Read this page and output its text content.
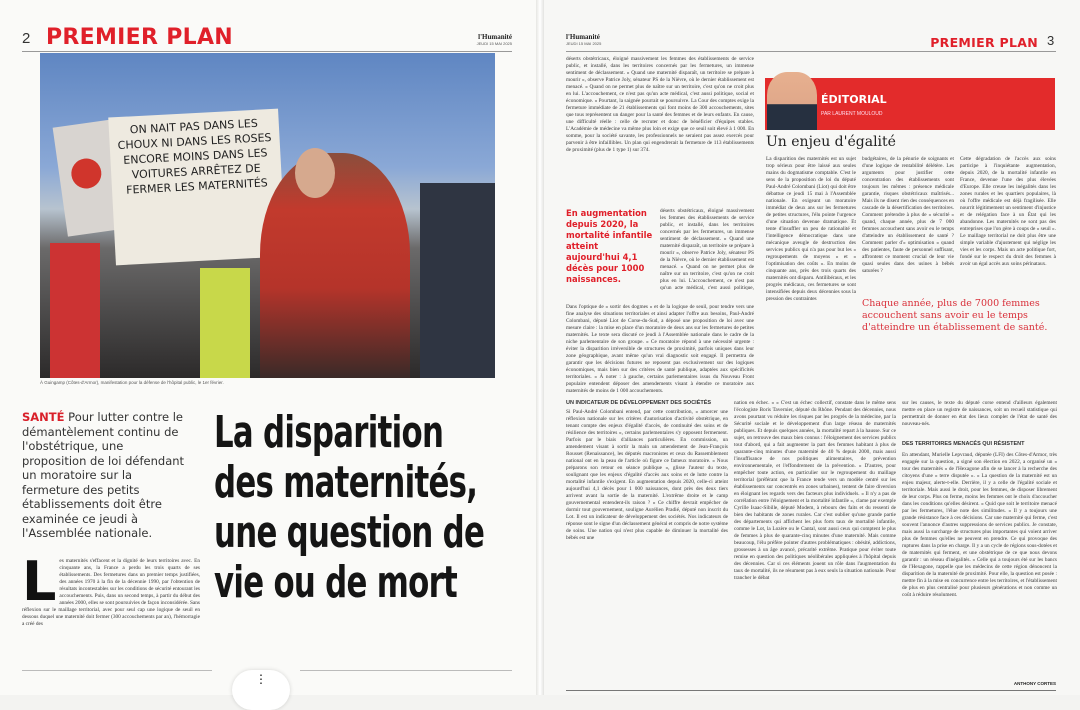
2 PREMIER PLAN	l'Humanité
JEUDI 15 MAI 2025
ON NAIT PAS DANS LES CHOUX NI DANS LES ROSES ENCORE MOINS DANS LES VOITURES ARRÊTEZ DE FERMER LES MATERNITÉS
À Guingamp (Côtes-d'Armor), manifestation pour la défense de l'hôpital public, le 1er février.
SANTÉ Pour lutter contre le démantèlement continu de l'obstétrique, une proposition de loi défendant un moratoire sur la fermeture des petits établissements doit être examinée ce jeudi à l'Assemblée nationale.
La disparition des maternités, une question de vie ou de mort
Les maternités s'effacent et la dignité de leurs territoires avec. En cinquante ans, la France a perdu les trois quarts de ses établissements. Des fermetures dans un premier temps justifiées, des années 1970 à la fin de la décennie 1990, par l'obtention de résultats incontestables sur les conditions de sécurité entourant les accouchements. Puis, dans un second temps, à partir du début des années 2000, elles se sont poursuivies de façon inconsidérée. Sans réflexion sur le maillage territorial, avec pour seul cap une logique de seuil en dessous duquel une maternité doit fermer (300 accouchements par an), l'hémorragie a créé des
l'Humanité
JEUDI 15 MAI 2025	PREMIER PLAN 3
déserts obstétricaux, éloigné massivement les femmes des établissements de service public, et installé, dans les territoires concernés par les fermetures, un immense sentiment de déclassement. « Quand une maternité disparaît, un territoire se prépare à mourir », observe Patrice Joly, sénateur PS de la Nièvre, où le dernier établissement est menacé. « Quand on ne permet plus de naître sur un territoire, c'est qu'on ne croit plus en lui. L'accouchement, ce n'est pas qu'un acte médical, c'est aussi politique, social et économique. » Pourtant, la saignée pourrait se poursuivre. La Cour des comptes exige la fermeture immédiate de 21 établissements qui font moins de 300 accouchements, sites que tous représentent un danger pour la santé des femmes et de leurs enfants. En cause, une difficulté réelle : celle de recruter et donc de bénéficier d'équipes stables. L'Académie de médecine va même plus loin et exige que ce seuil soit élevé à 1 000. En somme, pour la société savante, les professionnels ne seraient pas assez exercés pour parvenir à être infaillibles. Un plan qui engendrerait la fermeture de 113 établissements de proximité (plus de 1 type 1) sur 374.
En augmentation depuis 2020, la mortalité infantile atteint aujourd'hui 4,1 décès pour 1000 naissances.
déserts obstétricaux, éloigné massivement les femmes des établissements de service public, et installé, dans les territoires concernés par les fermetures, un immense sentiment de déclassement. « Quand une maternité disparaît, un territoire se prépare à mourir », observe Patrice Joly, sénateur PS de la Nièvre, où le dernier établissement est menacé. « Quand on ne permet plus de naître sur un territoire, c'est qu'on ne croit plus en lui. L'accouchement, ce n'est pas qu'un acte médical, c'est aussi politique,
Dans l'optique de « sortir des dogmes » et de la logique de seuil, pour tendre vers une fine analyse des situations territoriales et ainsi adapter l'offre aux besoins, Paul-André Colombani, député Liot de Corse-du-Sud, a déposé une proposition de loi avec une mesure claire : la mise en place d'un moratoire de deux ans sur les fermetures de petites maternités. Le texte sera discuté ce jeudi à l'Assemblée nationale dans le cadre de la niche parlementaire de son groupe. « Ce moratoire répond à une nécessité urgente : éviter la disparition irréversible de structures de proximité, parfois uniques dans leur zone géographique, avant même qu'un vrai diagnostic soit engagé. Il permettra de garantir que les décisions futures ne reposent pas exclusivement sur des logiques économiques, mais bien sur des critères de santé publique, adaptées aux spécificités territoriales. » À noter : à gauche, certains parlementaires issus du Nouveau Front populaire entendent déposer des amendements visant à étendre ce moratoire aux maternités de moins de 1 000 accouchements.
UN INDICATEUR DE DÉVELOPPEMENT DES SOCIÉTÉS
Si Paul-André Colombani entend, par cette contribution, « amorcer une réflexion nationale sur les critères d'autorisation d'activité obstétrique, en tenant compte des enjeux d'égalité d'accès, de continuité des soins et de résilience des territoires », certains parlementaires s'y opposent fermement. Parfois par le biais d'alliances particulières. En commission, un amendement visant à sortir la main un amendement de Jean-François Rousset (Renaissance), les députés macronistes et ceux du Rassemblement national ont en la peau de l'article où figure ce fameux moratoire. « Nous préparons son retour en séance publique », glisse l'auteur du texte, soulignant que les enjeux d'égalité d'accès aux soins et de lutte contre la mortalité infantile s'exigent. En augmentation depuis 2020, celle-ci atteint aujourd'hui 4,1 décès pour 1 000 naissances, dont près des deux tiers arrivent avant la sortie de la maternité. L'extrême droite et le camp gouvernemental entendent-ils raison ? « Ce chiffre devrait empêcher de dormir tout gouvernement, souligne Aurélien Pradié, député non inscrit du Lot. Il est un indicateur de développement des sociétés. Nos indicateurs de réponse sont le signe d'un déclassement général et compris de notre système de soins. Une nation qui n'est plus capable de diminuer la mortalité des bébés est une
nation en échec. » « C'est un échec collectif, constate dans le même sens l'écologiste Boris Tavernier, député du Rhône. Pendant des décennies, nous avons pourtant vu réduire les risques par les progrès de la médecine, par la Sécurité sociale et le développement d'un large réseau de maternités publiques. Et depuis quelques années, la mortalité repart à la hausse. Sur ce sujet, on retrouve des maux bien connus : l'éloignement des services publics tout d'abord, qui a fait augmenter la part des femmes habitant à plus de quarante-cinq minutes d'une maternité de 40 % depuis 2000, mais aussi l'insuffisance de nos politiques alimentaires, de prévention environnementale, et l'effondrement de la prévention. » D'autres, pour empêcher toute action, en particulier sur le regroupement du maillage territorial (préférant que la France tende vers un modèle centré sur les établissements sur concentrés en zones urbaines), tentent de faire diversion en éloignant les regards vers des facteurs plus individuels. « Il n'y a pas de corrélation entre l'éloignement et la mortalité infantile », clame par exemple Cyrille Isaac-Sibille, député Modem, à rebours des faits et du ressenti de bien des habitants de zones rurales. Car c'est oublier qu'une grande partie des départements qui affichent les plus forts taux de mortalité infantile, comme le Lot, la Lozère ou le Cantal, sont aussi ceux qui comptent le plus de femmes à plus de quarante-cinq minutes d'une maternité. Mais comme beaucoup, l'élu préfère pointer d'autres problématiques : obésité, addictions, grossesses à un âge avancé, précarité extrême. Pratique pour éviter toute remise en question des politiques néolibérales appliquées à l'hôpital depuis des décennies. Car si ces éléments jouent un rôle dans l'augmentation du taux de mortalité, ils ne résument pas à eux seuls la situation nationale. Pour trancher le débat
sur les causes, le texte du député corse entend d'ailleurs également mettre en place un registre de naissances, soit un recueil statistique qui permettrait de donner en état des lieux complet de l'état de santé des nouveau-nés.
DES TERRITOIRES MENACÉS QUI RÉSISTENT
En attendant, Murielle Lepvraud, députée (LFI) des Côtes-d'Armor, très engagée sur la question, a signé son élection en 2022, a organisé un « tour des maternités » de l'Hexagone afin de se lancer à la recherche des citoyens d'une « terre disputée ». « La question de la maternité est un enjeu majeur, alerte-t-elle. Derrière, il y a celle de l'égalité sociale et territoriale. Mais aussi le droit, pour les femmes, de disposer librement de leur corps. Plus on ferme, moins les femmes ont le choix d'accoucher dans les conditions qu'elles désirent. » Quid que soit le territoire menacé par les fermetures, l'élue note des similitudes. « Il y a toujours une grande résistance face à ces décisions. Car une maternité qui ferme, c'est souvent l'annonce d'autres suppressions de services publics. Je constate, mais aussi la surcharge de structures plus importantes qui voient arriver plus de femmes qu'elles ne peuvent en prendre. Ce qui provoque des ruptures dans la prise en charge. Il y a un cycle de régions sous-dotées et de maternités qui ferment, et une obstétrique de ce que nous devons garantir : un réseau d'inégalités. » Celle qui a toujours été sur les bancs de l'Hexagone, rappelle que les médecins de cette région dénoncent la disparition de la maternité de proximité. Pour elle, la question est posée : mettre fin à la mise en concurrence entre les territoires, et l'établissement de plus en plus centralisé pour plusieurs générations et non comme un coût à réduire résolument.
ANTHONY CORTES
ÉDITORIAL
PAR LAURENT MOULOUD
Un enjeu d'égalité
La disparition des maternités est un sujet trop sérieux pour être laissé aux seules mains du dogmatisme comptable. C'est le sens de la proposition de loi du député Paul-André Colombani (Liot) qui doit être débattue ce jeudi 15 mai à l'Assemblée nationale. En exigeant un moratoire immédiat de deux ans sur les fermetures de petites structures, l'élu pointe l'urgence d'une situation devenue dramatique. Et tente d'insuffler un peu de rationalité et l'intelligence démocratique dans une mécanique aveugle de destruction des services publics qui n'a pas pour but les « regroupements de moyens » et « l'optimisation des coûts ». En moins de cinquante ans, près des trois quarts des maternités ont disparu. Antilibéraux, et les progrès médicaux, ces fermetures se sont intensifiées depuis deux décennies sous la pression des contraintes
budgétaires, de la pénurie de soignants et d'une logique de rentabilité délétère. Les arguments pour justifier cette concentration des établissements sont toujours les mêmes : présence médicale garantie, risques obstétricaux maîtrisés... Mais ils ne disent rien des conséquences en cascade de la désertification des territoires. Comment prétendre à plus de « sécurité » quand, chaque année, plus de 7 000 femmes accouchent sans avoir eu le temps d'atteindre un établissement de santé ? Comment parler d'« optimisation » quand des patientes, faute de personnel suffisant, affrontent ce moment crucial de leur vie quasi seules dans des usines à bébés saturées ?
Cette dégradation de l'accès aux soins participe à l'inquiétante augmentation, depuis 2020, de la mortalité infantile en France, devenue l'une des plus élevées d'Europe. Elle creuse les inégalités dans les zones rurales et les quartiers populaires, là où l'offre médicale est déjà fragilisée. Elle nourrit légitimement un sentiment d'injustice et de relégation face à un État qui les abandonne. Les maternités ne sont pas des entreprises que l'on gère à coups de « seuil ». Le maillage territorial ne doit plus être une simple variable d'ajustement qui néglige les vies et les corps. Mais un acte politique fort, fondé sur le respect du droit des femmes à avoir un égal accès aux soins périnataux.
Chaque année, plus de 7000 femmes accouchent sans avoir eu le temps d'atteindre un établissement de santé.
⋮
